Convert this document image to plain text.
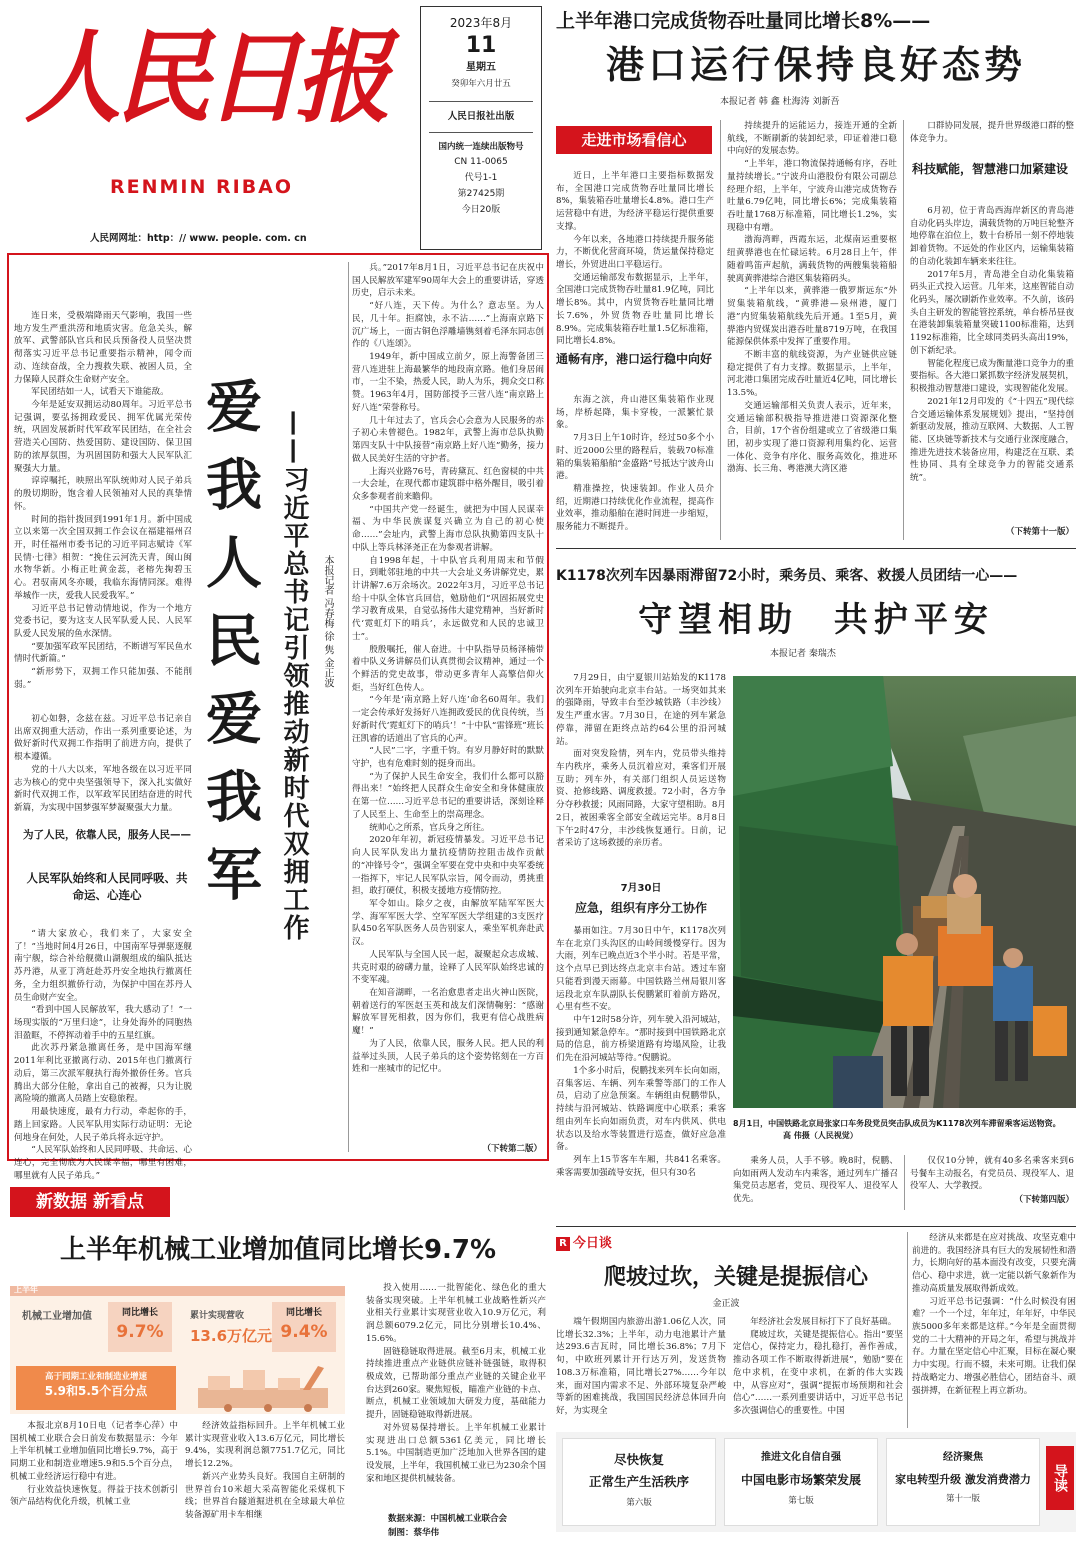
人民日报
RENMIN RIBAO
人民网网址：http：// www. people. com. cn
2023年8月
11
星期五
癸卯年六月廿五
人民日报社出版
国内统一连续出版物号
CN 11-0065
代号1-1
第27425期
今日20版
上半年港口完成货物吞吐量同比增长8%——
港口运行保持良好态势
本报记者 韩 鑫 杜海涛 刘新吾
走进市场看信心

近日，上半年港口主要指标数据发布，全国港口完成货物吞吐量同比增长8%，集装箱吞吐量增长4.8%。港口生产运营稳中有进，为经济平稳运行提供重要支撑。

今年以来，各地港口持续提升服务能力，不断优化营商环境，货运量保持稳定增长，外贸进出口平稳运行。

交通运输部发布数据显示，上半年，全国港口完成货物吞吐量81.9亿吨，同比增长8%。其中，内贸货物吞吐量同比增长7.6%，外贸货物吞吐量同比增长8.9%。完成集装箱吞吐量1.5亿标准箱，同比增长4.8%。

通畅有序，港口运行稳中向好

东海之滨，舟山港区集装箱作业现场，岸桥起降，集卡穿梭，一派繁忙景象。

7月3日上午10时许，经过50多个小时、近2000公里的路程后，装载70标准箱的集装箱船舶“金盛路”号抵达宁波舟山港。

精准操控，快速装卸。作业人员介绍，近期港口持续优化作业流程，提高作业效率，推动船舶在港时间进一步缩短，服务能力不断提升。

持续提升的运能运力，接连开通的全新航线，不断刷新的装卸纪录，印证着港口稳中向好的发展态势。

“上半年，港口物流保持通畅有序，吞吐量持续增长。”宁波舟山港股份有限公司副总经理介绍，上半年，宁波舟山港完成货物吞吐量6.79亿吨，同比增长6%；完成集装箱吞吐量1768万标准箱，同比增长1.2%，实现稳中有增。

渤海湾畔，西霞东运，北煤南运重要枢纽黄骅港也在忙碌运转。6月28日上午，伴随着鸣笛声起航，满载货物的两艘集装箱船驶离黄骅港综合港区集装箱码头。

“上半年以来，黄骅港一俄罗斯远东”外贸集装箱航线，“黄骅港—泉州港，厦门港”内贸集装箱航线先后开通。1至5月，黄骅港内贸煤炭出港吞吐量8719万吨，在我国能源保供体系中发挥了重要作用。

不断丰富的航线资源，为产业链供应链稳定提供了有力支撑。数据显示，上半年，河北港口集团完成吞吐量近4亿吨，同比增长13.5%。

交通运输部相关负责人表示，近年来，交通运输部积极指导推进港口资源深化整合，目前，17个省份组建或立了省级港口集团，初步实现了港口资源利用集约化、运营一体化、竞争有序化、服务高效化，推进环渤海、长三角、粤港澳大湾区港

口群协同发展，提升世界级港口群的整体竞争力。

科技赋能，智慧港口加紧建设

6月初，位于青岛西海岸新区的青岛港自动化码头岸边，满载货物的万吨巨轮整齐地停靠在泊位上，数十台桥吊一刻不停地装卸着货物。不远处的作业区内，运输集装箱的自动化装卸车辆来来往往。

2017年5月，青岛港全自动化集装箱码头正式投入运营。几年来，这座智能自动化码头，屡次刷新作业效率。不久前，该码头自主研发的智能管控系统，单台桥吊昼夜在港装卸集装箱量突破1100标准箱，达到1192标准箱，比全球同类码头高出19%，创下新纪录。

智能化程度已成为衡量港口竞争力的重要指标。各大港口紧抓数字经济发展契机，积极推动智慧港口建设，实现智能化发展。

2021年12月印发的《“十四五”现代综合交通运输体系发展规划》提出，“坚持创新驱动发展，推动互联网、大数据、人工智能、区块链等新技术与交通行业深度融合，推进先进技术装备应用，构建泛在互联、柔性协同、具有全球竞争力的智能交通系统”。

（下转第十一版）

连日来，受极端降雨天气影响，我国一些地方发生严重洪涝和地质灾害。危急关头，解放军、武警部队官兵和民兵预备役人员坚决贯彻落实习近平总书记重要指示精神，闻令而动、连续奋战，全力搜救失联、被困人员，全力保障人民群众生命财产安全。

军民团结如一人，试看天下谁能敌。

今年是延安双拥运动80周年。习近平总书记强调，要弘扬拥政爱民、拥军优属光荣传统，巩固发展新时代军政军民团结，在全社会营造关心国防、热爱国防、建设国防、保卫国防的浓厚氛围，为巩固国防和强大人民军队汇聚强大力量。

谆谆嘱托，映照出军队统帅对人民子弟兵的殷切期盼，饱含着人民领袖对人民的真挚情怀。

时间的指针拨回到1991年1月。新中国成立以来第一次全国双拥工作会议在福建福州召开，时任福州市委书记的习近平同志赋诗《军民情·七律》相贺：“挽住云河洗天青，闽山闽水物华新。小梅正吐黄金蕊，老榕先掬碧玉心。君驭南风冬亦暖，我临东海情同深。难得举城作一庆，爱我人民爱我军。”

习近平总书记曾动情地说，作为一个地方党委书记，要为这支人民军队爱人民、人民军队爱人民发展的鱼水深情。

“要加强军政军民团结，不断谱写军民鱼水情时代新篇。”

“新形势下，双拥工作只能加强、不能削弱。”

初心如磐，念兹在兹。习近平总书记亲自出席双拥重大活动，作出一系列重要论述，为做好新时代双拥工作指明了前进方向，提供了根本遵循。

党的十八大以来，军地各级在以习近平同志为核心的党中央坚强领导下，深入扎实做好新时代双拥工作，以军政军民团结奋进的时代新篇，为实现中国梦强军梦凝聚强大力量。

为了人民，依靠人民，服务人民——
人民军队始终和人民同呼吸、共命运、心连心

“请大家放心，我们来了，大家安全了！”当地时间4月26日，中国南军导弹驱逐舰南宁舰，综合补给舰微山湖舰组成的编队抵达苏丹港，从亚丁湾赶赴苏丹安全地执行撤离任务，全力组织撤侨行动，为保护中国在苏丹人员生命财产安全。

“看到中国人民解放军，我大感动了！”一场现实版的“万里归途”，让身处海外的同胞热泪盈眶，不停挥动着手中的五星红旗。

此次苏丹紧急撤离任务，是中国海军继2011年利比亚撤离行动、2015年也门撤离行动后，第三次派军舰执行海外撤侨任务。官兵腾出大部分住舱，拿出自己的被褥，只为让脱离险境的撤离人员踏上安稳旅程。

用最快速度，最有力行动，牵起你的手，踏上回家路。人民军队用实际行动证明：无论何地身在何处，人民子弟兵将永远守护。

“人民军队始终和人民同呼吸、共命运、心连心，完全彻底为人民谋幸福，哪里有困难，哪里就有人民子弟兵。”

爱我人民爱我军 ——习近平总书记引领推动新时代双拥工作	本报记者 冯春梅 徐 隽 金正波

兵。”2017年8月1日，习近平总书记在庆祝中国人民解放军建军90周年大会上的重要讲话，穿透历史，启示未来。

“好八连，天下传。为什么？意志坚。为人民，几十年。拒腐蚀，永不沾……”上海南京路下沉广场上，一面古铜色浮雕墙镌刻着毛泽东同志创作的《八连颂》。

1949年，新中国成立前夕，原上海警备团三营八连进驻上海最繁华的地段南京路。他们身居闹市，一尘不染，热爱人民，助人为乐，拥众交口称赞。1963年4月，国防部授予三营八连“南京路上好八连”荣誉称号。

几十年过去了，官兵会心会意为人民服务的赤子初心未曾褪色。1982年，武警上海市总队执勤第四支队十中队接替“南京路上好八连”勤务，接力做人民美好生活的守护者。

上海兴业路76号，青砖黛瓦、红色窗棂的中共一大会址，在现代都市建筑群中格外醒目，吸引着众多参观者前来瞻仰。

“中国共产党一经诞生，就把为中国人民谋幸福、为中华民族谋复兴确立为自己的初心使命……”会址内，武警上海市总队执勤第四支队十中队上等兵林泽尧正在为参观者讲解。

自1998年起，十中队官兵利用周末和节假日，到毗邻驻地的中共一大会址义务讲解党史，累计讲解7.6万余场次。2022年3月，习近平总书记给十中队全体官兵回信，勉励他们“巩固拓展党史学习教育成果，自觉弘扬伟大建党精神，当好新时代‘霓虹灯下的哨兵’，永远做党和人民的忠诚卫士”。

殷殷嘱托，催人奋进。十中队指导员杨泽楠带着中队义务讲解员们认真贯彻会议精神，通过一个个鲜活的党史故事，带动更多青年人高擎信仰火炬，当好红色传人。

“今年是‘南京路上好八连’命名60周年。我们一定会传承好发扬好八连拥政爱民的优良传统，当好新时代‘霓虹灯下的哨兵’！”十中队“雷锋班”班长汪凯睿的话道出了官兵的心声。

“人民”二字，字重千钧。有岁月静好时的默默守护，也有危难时刻的挺身而出。

“为了保护人民生命安全，我们什么都可以豁得出来！”始终把人民群众生命安全和身体健康放在第一位……习近平总书记的重要讲话，深刻诠释了人民至上、生命至上的崇高理念。

统帅心之所系，官兵身之所往。

2020年年初，新冠疫情暴发。习近平总书记向人民军队发出力量抗疫情防控阻击战作贡献的“冲锋号令”，强调全军要在党中央和中央军委统一指挥下，牢记人民军队宗旨，闻令而动，勇挑重担，敢打硬仗，积极支援地方疫情防控。

军令如山。除夕之夜，由解放军陆军军医大学、海军军医大学、空军军医大学组建的3支医疗队450名军队医务人员告别家人，乘坐军机奔赴武汉。

人民军队与全国人民一起，凝聚起众志成城、共克时艰的磅礴力量，诠释了人民军队始终忠诚的不变军魂。

在知音湖畔，一名治愈患者走出火神山医院，朝着送行的军医赵玉英和战友们深情鞠躬：“感谢解放军冒死相救，因为你们，我更有信心战胜病魔！”

为了人民，依靠人民，服务人民。把人民的利益举过头顶，人民子弟兵的这个姿势铭刻在一方百姓和一座城市的记忆中。

（下转第二版）
K1178次列车因暴雨滞留72小时，乘务员、乘客、救援人员团结一心——
守望相助  共护平安
本报记者 秦瑞杰

7月29日，由宁夏银川站始发的K1178次列车开始驶向北京丰台站。一场突如其来的强降雨，导致丰台至沙城铁路（丰沙线）发生严重水害。7月30日，在途的列车紧急停靠，滞留在距终点站约64公里的沿河城站。

面对突发险情，列车内，党员带头维持车内秩序，乘务人员沉着应对，乘客们开展互助；列车外，有关部门组织人员运送物资、抢修线路、调度救援。72小时，各方争分夺秒救援；风雨同路，大家守望相助。8月2日，被困乘客全部安全疏运完毕。8月8日下午2时47分，丰沙线恢复通行。日前，记者采访了这场救援的亲历者。

7月30日
应急，组织有序分工协作

暴雨如注。7月30日中午，K1178次列车在北京门头沟区的山岭间缓慢穿行。因为大雨，列车已晚点近3个半小时。若是平常，这个点早已到达终点北京丰台站。透过车窗只能看到漫天雨幕。中国铁路兰州局银川客运段北京车队副队长倪鹏紧盯着前方路况，心里有些不安。

中午12时58分许，列车驶入沿河城站，接到通知紧急停车。“那时接到中国铁路北京局的信息，前方桥梁道路有垮塌风险，让我们先在沿河城站等待。”倪鹏说。

1个多小时后，倪鹏找来列车长向如雨，召集客运、车辆、列车乘警等部门的工作人员，启动了应急预案。车辆组由倪鹏带队，持续与沿河城站、铁路调度中心联系；乘客组由列车长向如雨负责，对车内供风、供电状态以及给水等装置进行巡查，做好应急准备。

列车上15节客车车厢，共841名乘客。乘客需要加强疏导安抚，但只有30名

8月1日，中国铁路北京局张家口车务段党员突击队成员为K1178次列车滞留乘客运送物资。 高 伟摄（人民视觉）

乘务人员，人手不够。晚8时，倪鹏、向如雨两人发动车内乘客，通过列车广播召集党员志愿者，党员、现役军人、退役军人优先。

仅仅10分钟，就有40多名乘客来到6号餐车主动报名，有党员员、现役军人、退役军人、大学教授。

（下转第四版）
新数据 新看点
上半年机械工业增加值同比增长9.7%
上半年
机械工业增加值	同比增长
9.7%
累计实现营收
13.6万亿元
同比增长
9.4%
高于同期工业和制造业增速
5.9和5.5个百分点

本报北京8月10日电（记者李心萍）中国机械工业联合会日前发布数据显示：今年上半年机械工业增加值同比增长9.7%，高于同期工业和制造业增速5.9和5.5个百分点，机械工业经济运行稳中有进。

行业效益快速恢复。得益于技术创新引领产品结构优化升级，机械工业

经济效益指标回升。上半年机械工业累计实现营业收入13.6万亿元，同比增长9.4%，实现利润总额7751.7亿元，同比增长12.2%。

新兴产业势头良好。我国自主研制的世界首台10米超大采高智能化采煤机下线；世界首台隧道掘进机在全球最大单位装备源矿用卡车相继

投入使用……一批智能化、绿色化的重大装备实现突破。上半年机械工业战略性新兴产业相关行业累计实现营业收入10.9万亿元，利润总额6079.2亿元，同比分别增长10.4%、15.6%。

固链稳链取得进展。截至6月末，机械工业持续推进重点产业链供应链补链强链，取得积极成效，已帮助部分重点产业链的关键企业平台达到260家。聚焦短板，瞄准产业链的卡点、断点，机械工业领域加大研发力度，基础能力提升，固链稳链取得新进展。

对外贸易保持增长。上半年机械工业累计实现进出口总额5361亿美元，同比增长5.1%。中国制造更加广泛地加入世界各国的建设发展，上半年，我国机械工业已为230余个国家和地区提供机械装备。

数据来源：中国机械工业联合会
制图：蔡华伟
R 今日谈
爬坡过坎，关键是提振信心
金正波

端午假期国内旅游出游1.06亿人次，同比增长32.3%；上半年，动力电池累计产量达293.6吉瓦时，同比增长36.8%；7月下旬，中欧班列累计开行达万列，发送货物108.3万标准箱，同比增长27%……今年以来，面对国内需求不足、外部环境复杂严峻等新的困难挑战，我国国民经济总体回升向好，为实现全

年经济社会发展目标打下了良好基础。

爬坡过坎，关键是提振信心。指出“要坚定信心，保持定力，稳扎稳打，善作善成，推动各项工作不断取得新进展”，勉励“要在危中求机，在变中求机，在新的伟大实践中，从容应对”，强调“提振市场预期和社会信心”……一系列重要讲话中，习近平总书记多次强调信心的重要性。中国

经济从来都是在应对挑战、攻坚克难中前进的。我国经济具有巨大的发展韧性和潜力，长期向好的基本面没有改变，只要充满信心、稳中求进，就一定能以新气象新作为推动高质量发展取得新成效。

习近平总书记强调：“什么时候没有困难？一个一个过，年年过，年年好，中华民族5000多年来都是这样。”今年是全面贯彻党的二十大精神的开局之年，希望与挑战并存。力量在坚定信心中汇聚，目标在凝心聚力中实现。行而不辍，未来可期。让我们保持战略定力、增强必胜信心，团结奋斗、顽强拼搏，在新征程上再立新功。

尽快恢复
正常生产生活秩序
第六版
推进文化自信自强
中国电影市场繁荣发展
第七版
经济聚焦
家电转型升级 激发消费潜力
第十一版
导读
